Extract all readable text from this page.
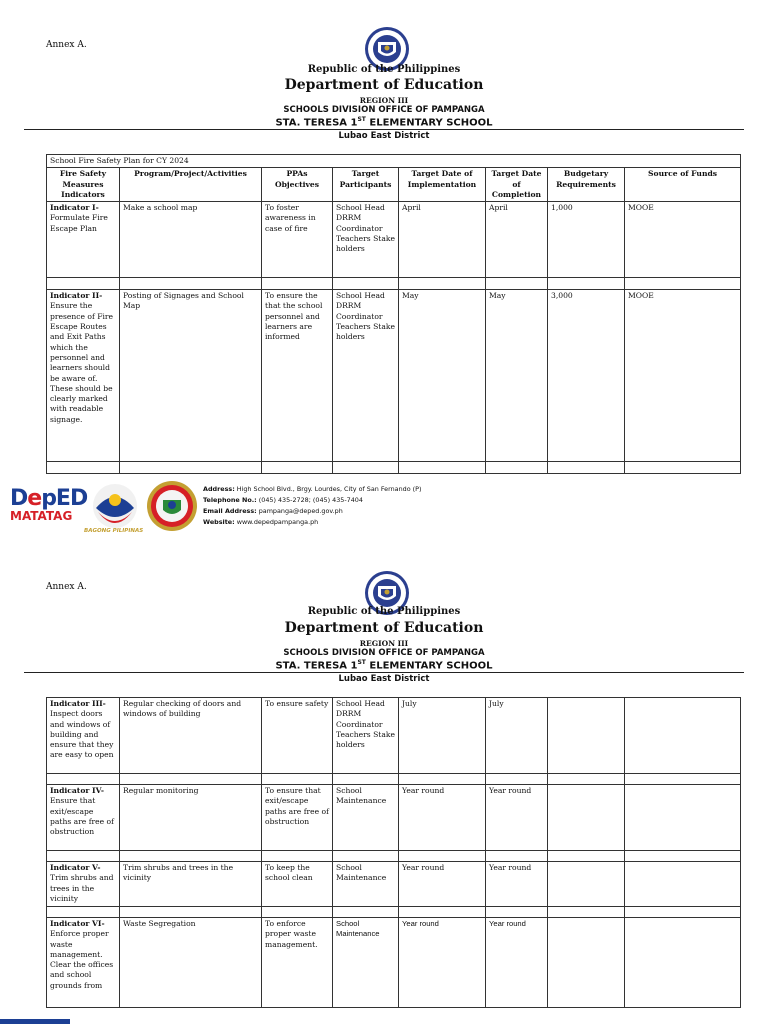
Annex A.
Republic of the Philippines
Department of Education
REGION III
SCHOOLS DIVISION OFFICE OF PAMPANGA
STA. TERESA 1ST ELEMENTARY SCHOOL
Lubao East District
School Fire Safety Plan for CY 2024							
Fire Safety Measures Indicators	Program/Project/Activities	PPAs Objectives	Target Participants	Target Date of Implementation	Target Date of Completion	Budgetary Requirements	Source of Funds
Indicator I- Formulate Fire Escape Plan	Make a school map	To foster awareness in case of fire	School Head DRRM Coordinator Teachers Stake holders	April	April	1,000	MOOE

Indicator II- Ensure the presence of Fire Escape Routes and Exit Paths which the personnel and learners should be aware of. These should be clearly marked with readable signage.	Posting of Signages and School Map	To ensure the that the school personnel and learners are informed	School Head DRRM Coordinator Teachers Stake holders	May	May	3,000	MOOE

DepED
MATATAG
BAGONG PILIPINAS
Address: High School Blvd., Brgy. Lourdes, City of San Fernando (P)
Telephone No.: (045) 435-2728; (045) 435-7404
Email Address: pampanga@deped.gov.ph
Website: www.depedpampanga.ph
Annex A.
Republic of the Philippines
Department of Education
REGION III
SCHOOLS DIVISION OFFICE OF PAMPANGA
STA. TERESA 1ST ELEMENTARY SCHOOL
Lubao East District
Indicator III- Inspect doors and windows of building and ensure that they are easy to open	Regular checking of doors and windows of building	To ensure safety	School Head DRRM Coordinator Teachers Stake holders	July	July		

Indicator IV- Ensure that exit/escape paths are free of obstruction	Regular monitoring	To ensure that exit/escape paths are free of obstruction	School Maintenance	Year round	Year round		

Indicator V- Trim shrubs and trees in the vicinity	Trim shrubs and trees in the vicinity	To keep the school clean	School Maintenance	Year round	Year round		

Indicator VI- Enforce proper waste management. Clear the offices and school grounds from	Waste Segregation	To enforce proper waste management.	School Maintenance	Year round	Year round		
